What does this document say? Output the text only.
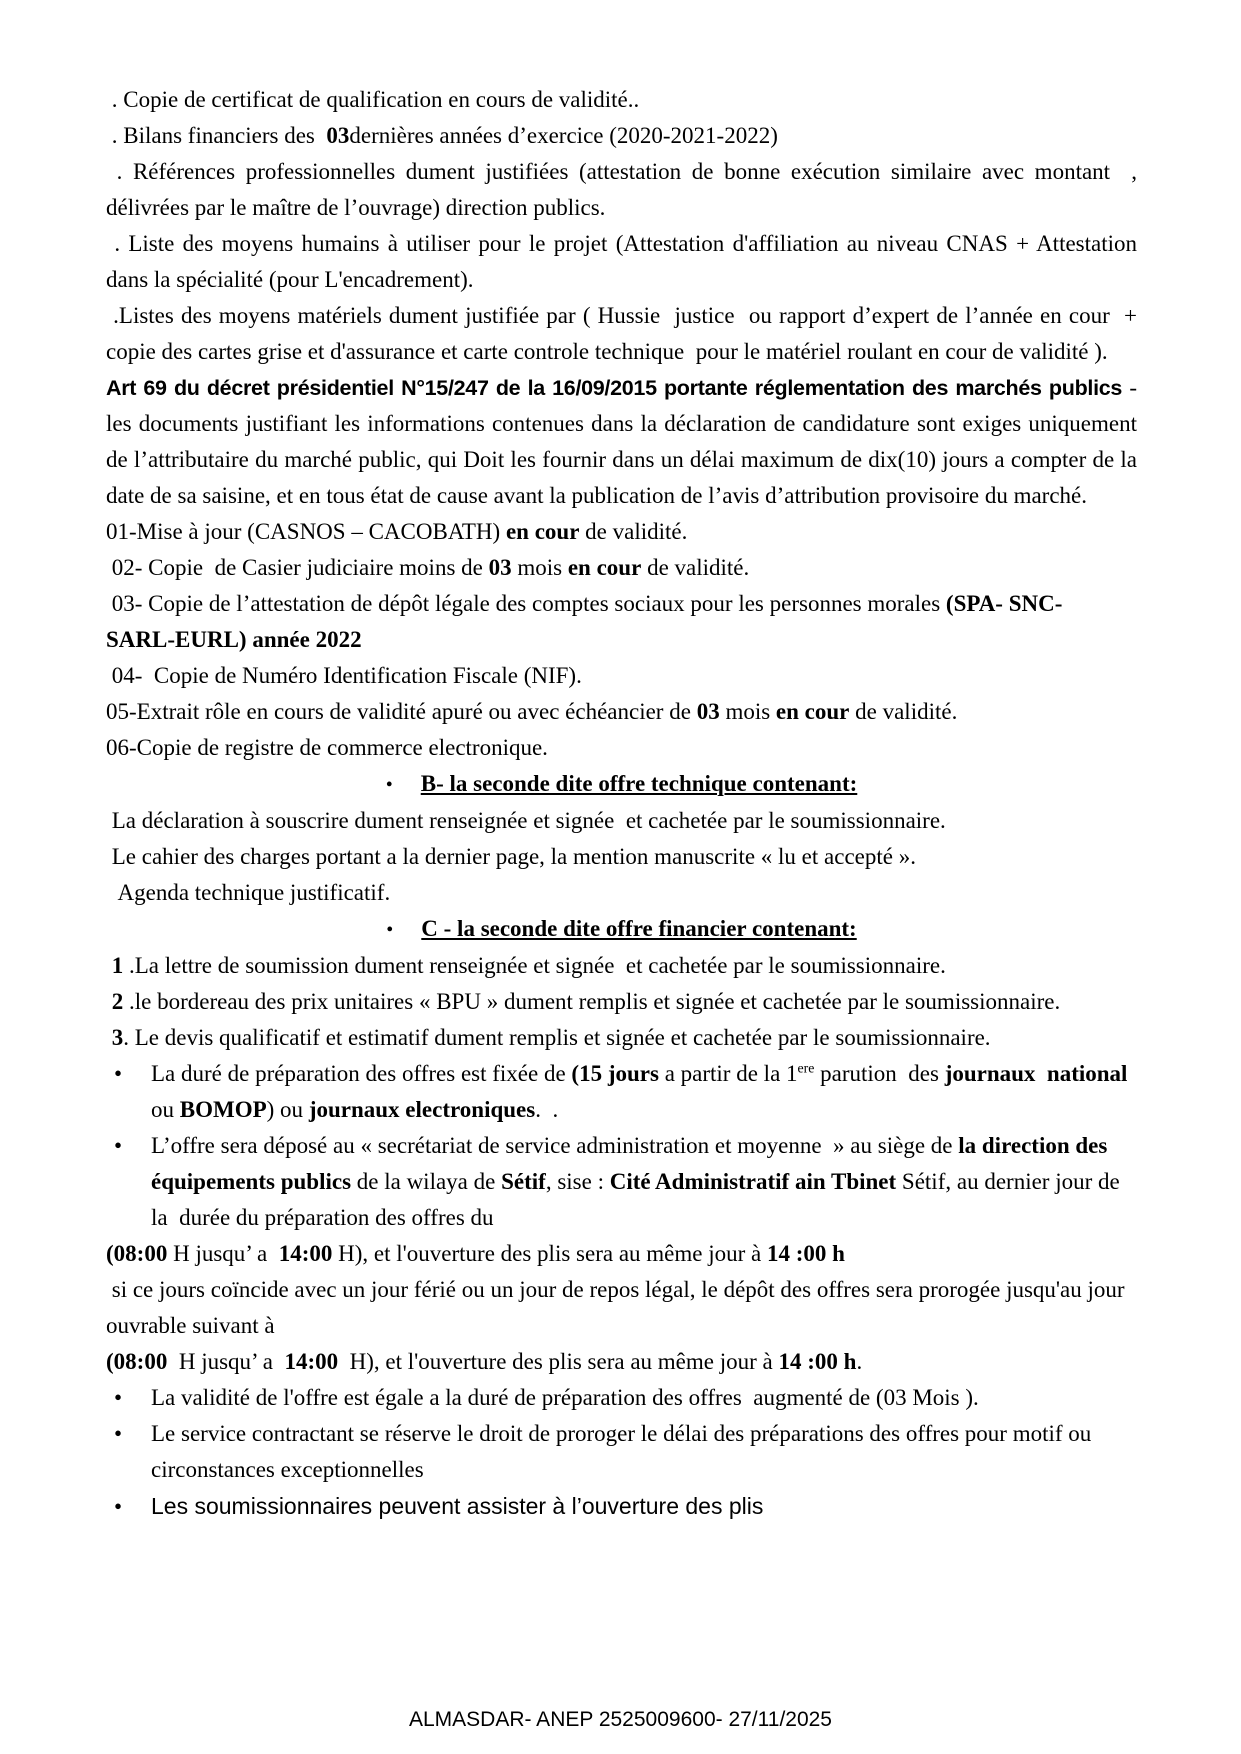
. Copie de certificat de qualification en cours de validité..

. Bilans financiers des  03dernières années d’exercice (2020-2021-2022)

. Références professionnelles dument justifiées (attestation de bonne exécution similaire avec montant  , délivrées par le maître de l’ouvrage) direction publics.

. Liste des moyens humains à utiliser pour le projet (Attestation d'affiliation au niveau CNAS + Attestation dans la spécialité (pour L'encadrement).

.Listes des moyens matériels dument justifiée par ( Hussie  justice  ou rapport d’expert de l’année en cour  + copie des cartes grise et d'assurance et carte controle technique  pour le matériel roulant en cour de validité ).

Art 69 du décret présidentiel N°15/247 de la 16/09/2015 portante réglementation des marchés publics -les documents justifiant les informations contenues dans la déclaration de candidature sont exiges uniquement de l’attributaire du marché public, qui Doit les fournir dans un délai maximum de dix(10) jours a compter de la date de sa saisine, et en tous état de cause avant la publication de l’avis d’attribution provisoire du marché.

01-Mise à jour (CASNOS – CACOBATH) en cour de validité.

02- Copie  de Casier judiciaire moins de 03 mois en cour de validité.

03- Copie de l’attestation de dépôt légale des comptes sociaux pour les personnes morales (SPA- SNC- SARL-EURL) année 2022

04-  Copie de Numéro Identification Fiscale (NIF).

05-Extrait rôle en cours de validité apuré ou avec échéancier de 03 mois en cour de validité.

06-Copie de registre de commerce electronique.

• B- la seconde dite offre technique contenant:

La déclaration à souscrire dument renseignée et signée  et cachetée par le soumissionnaire.

Le cahier des charges portant a la dernier page, la mention manuscrite « lu et accepté ».

Agenda technique justificatif.

• C - la seconde dite offre financier contenant:

1 .La lettre de soumission dument renseignée et signée  et cachetée par le soumissionnaire.

2 .le bordereau des prix unitaires « BPU » dument remplis et signée et cachetée par le soumissionnaire.

3. Le devis qualificatif et estimatif dument remplis et signée et cachetée par le soumissionnaire.

• La duré de préparation des offres est fixée de (15 jours a partir de la 1ere parution  des journaux  national  ou BOMOP) ou journaux electroniques.  .

• L’offre sera déposé au « secrétariat de service administration et moyenne  » au siège de la direction des équipements publics de la wilaya de Sétif, sise : Cité Administratif ain Tbinet Sétif, au dernier jour de la  durée du préparation des offres du

(08:00 H jusqu’ a  14:00 H), et l'ouverture des plis sera au même jour à 14 :00 h

si ce jours coïncide avec un jour férié ou un jour de repos légal, le dépôt des offres sera prorogée jusqu'au jour

ouvrable suivant à

(08:00  H jusqu’ a  14:00  H), et l'ouverture des plis sera au même jour à 14 :00 h.

• La validité de l'offre est égale a la duré de préparation des offres  augmenté de (03 Mois ).

• Le service contractant se réserve le droit de proroger le délai des préparations des offres pour motif ou circonstances exceptionnelles

• Les soumissionnaires peuvent assister à l’ouverture des plis

ALMASDAR- ANEP 2525009600- 27/11/2025
